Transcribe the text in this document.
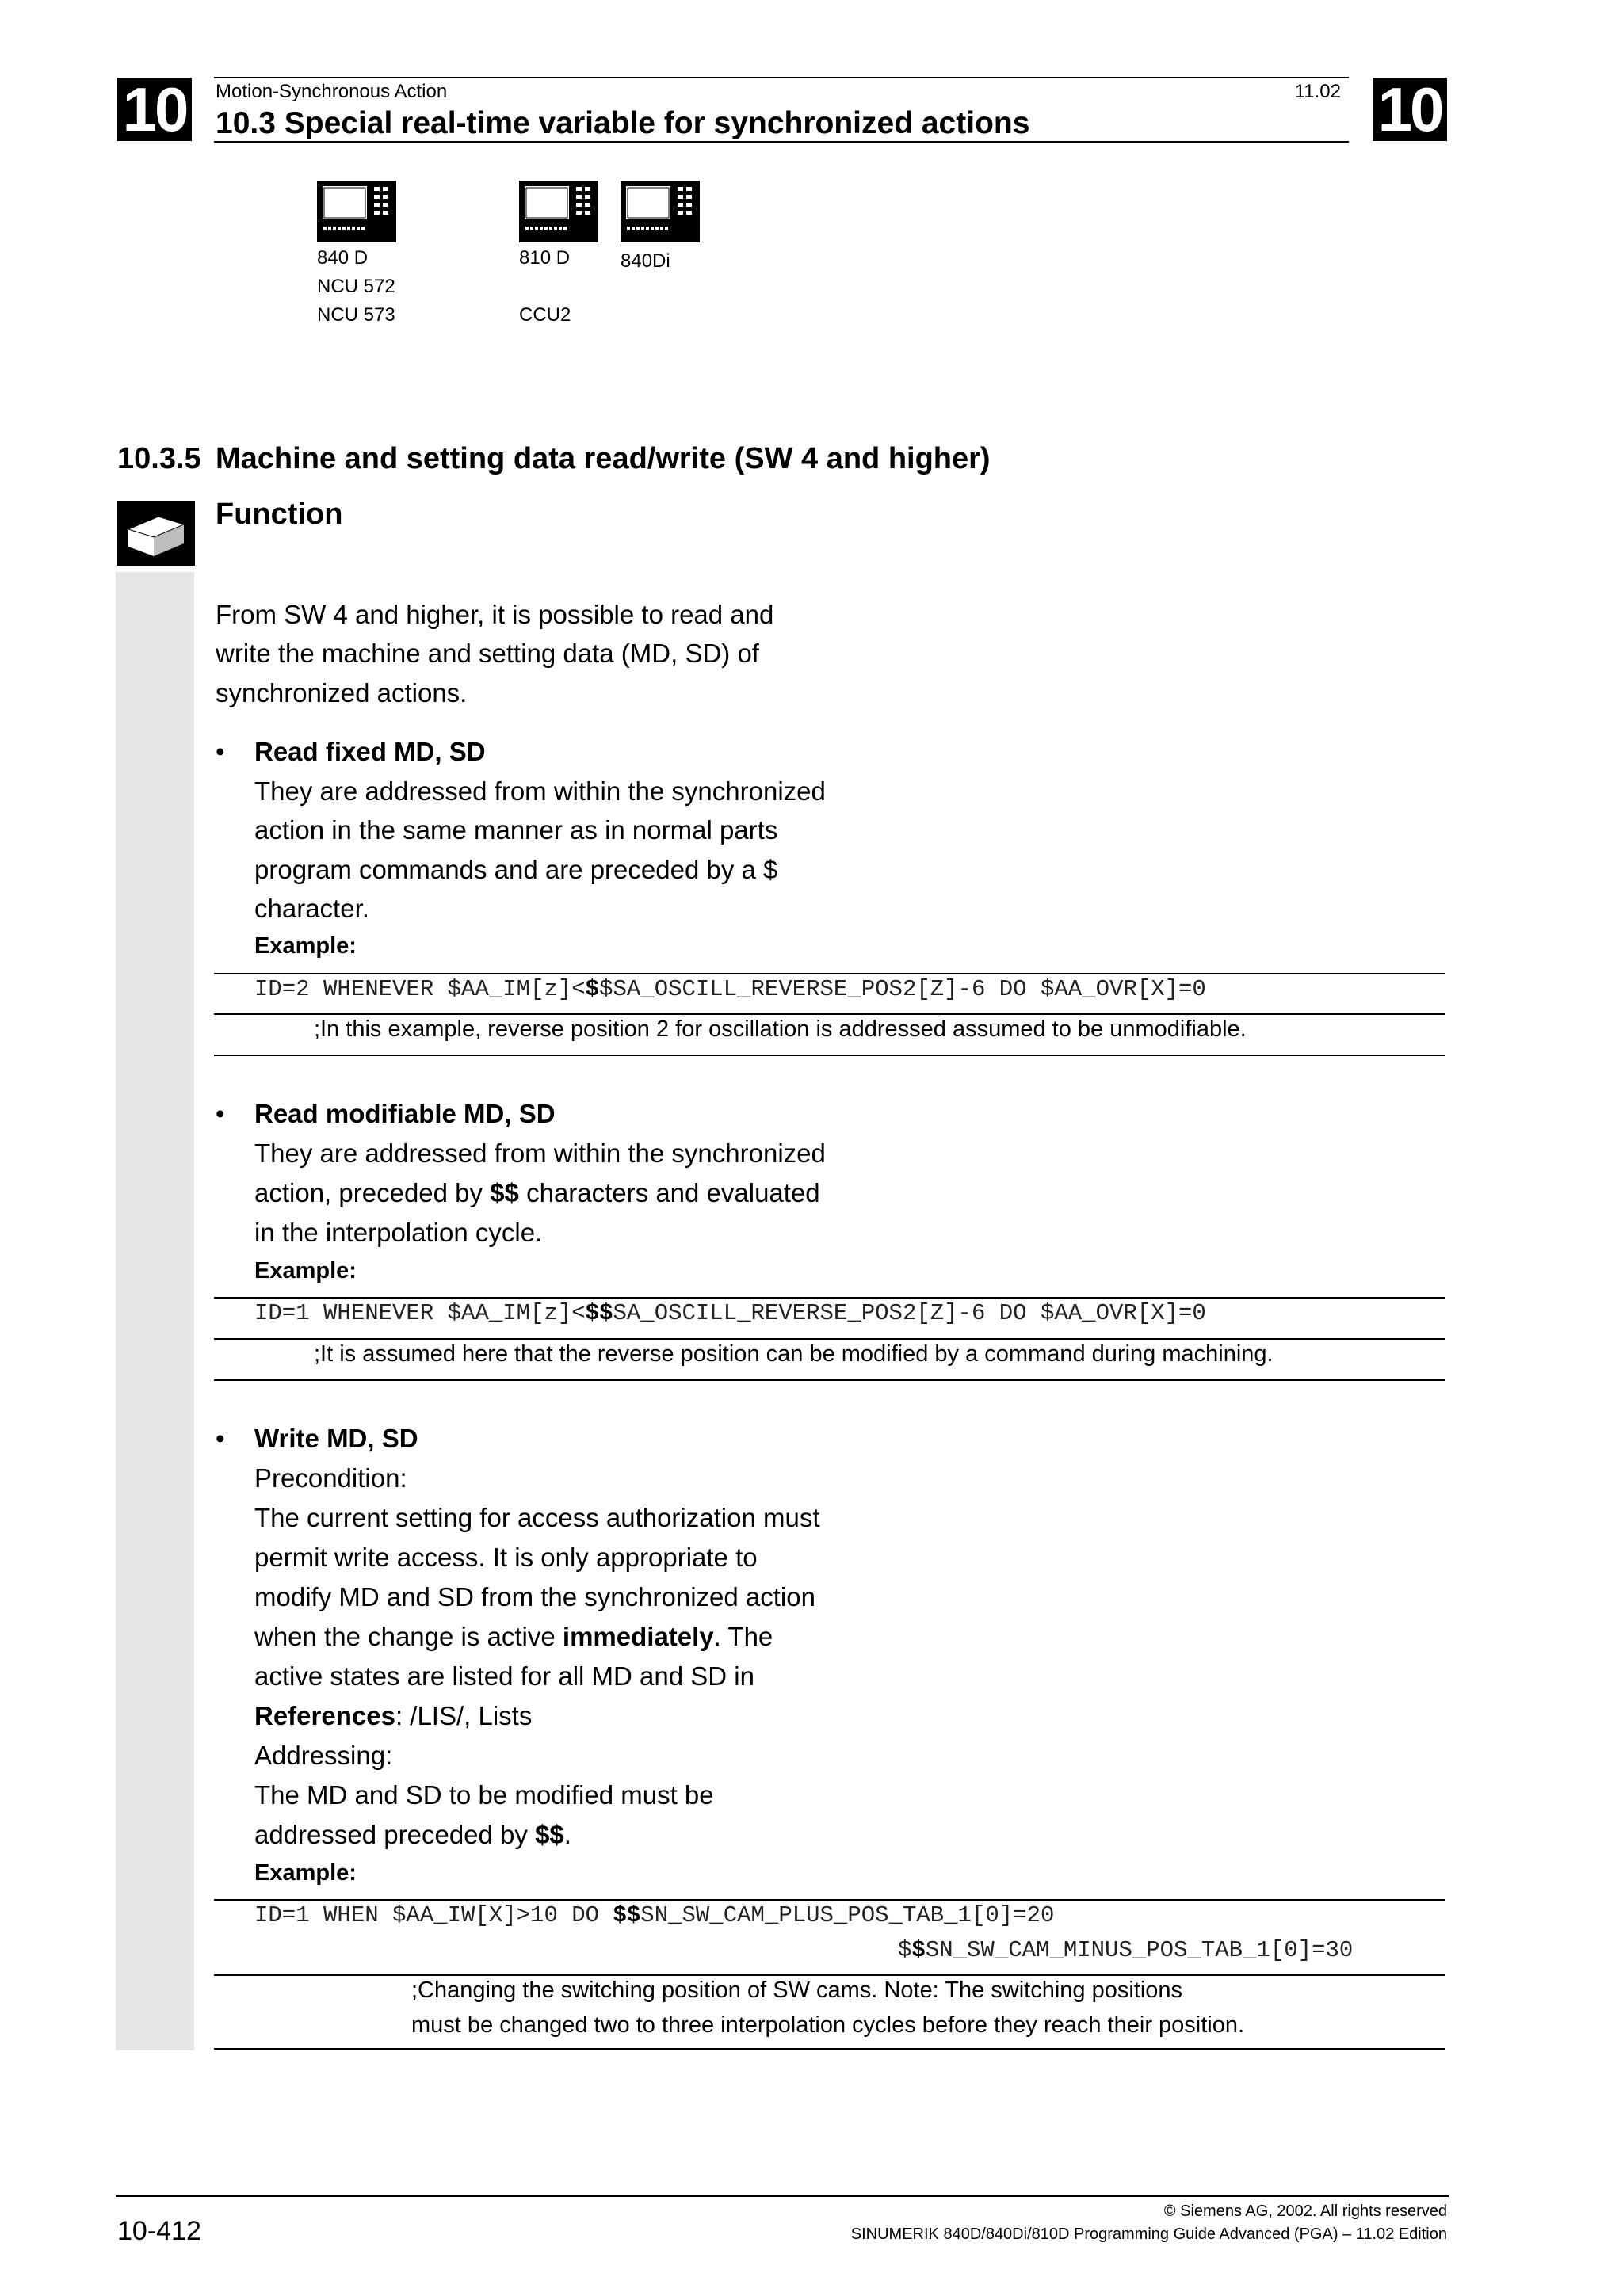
10	10
Motion-Synchronous Action	11.02
10.3 Special real-time variable for synchronized actions
840 D
NCU 572
NCU 573
810 D
CCU2
840Di
10.3.5 Machine and setting data read/write (SW 4 and higher)
Function
From SW 4 and higher, it is possible to read and
write the machine and setting data (MD, SD) of
synchronized actions.
• Read fixed MD, SD
They are addressed from within the synchronized
action in the same manner as in normal parts
program commands and are preceded by a $
character.
Example:
ID=2 WHENEVER $AA_IM[z]<$$SA_OSCILL_REVERSE_POS2[Z]-6 DO $AA_OVR[X]=0
;In this example, reverse position 2 for oscillation is addressed assumed to be unmodifiable.
• Read modifiable MD, SD
They are addressed from within the synchronized
action, preceded by $$ characters and evaluated
in the interpolation cycle.
Example:
ID=1 WHENEVER $AA_IM[z]<$$SA_OSCILL_REVERSE_POS2[Z]-6 DO $AA_OVR[X]=0
;It is assumed here that the reverse position can be modified by a command during machining.
• Write MD, SD
Precondition:
The current setting for access authorization must
permit write access. It is only appropriate to
modify MD and SD from the synchronized action
when the change is active immediately. The
active states are listed for all MD and SD in
References: /LIS/, Lists
Addressing:
The MD and SD to be modified must be
addressed preceded by $$.
Example:
ID=1 WHEN $AA_IW[X]>10 DO $$SN_SW_CAM_PLUS_POS_TAB_1[0]=20
$$SN_SW_CAM_MINUS_POS_TAB_1[0]=30
;Changing the switching position of SW cams. Note: The switching positions
must be changed two to three interpolation cycles before they reach their position.
10-412
© Siemens AG, 2002. All rights reserved
SINUMERIK 840D/840Di/810D Programming Guide Advanced (PGA) – 11.02 Edition
